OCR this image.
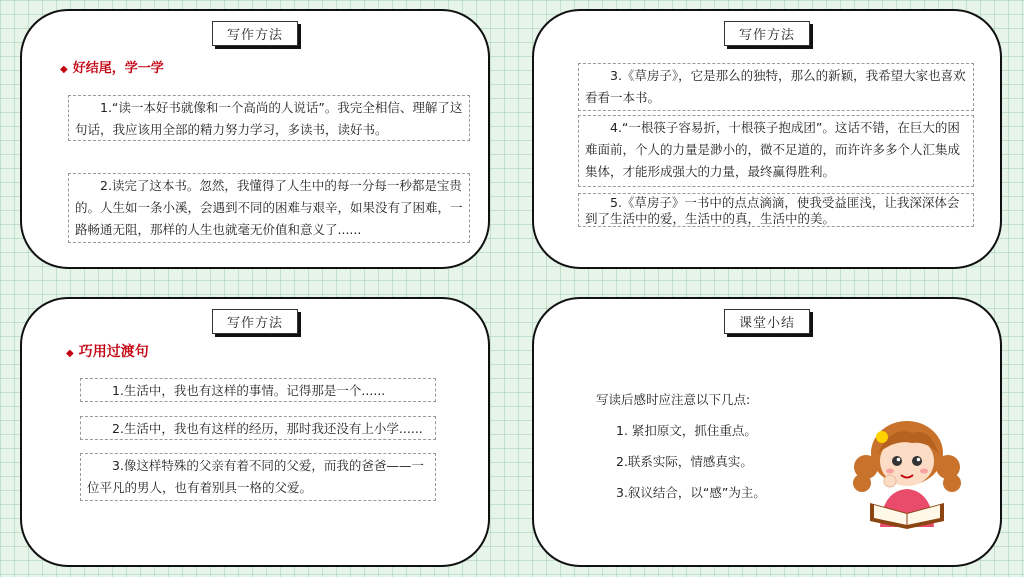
写作方法
◆ 好结尾，学一学
1.“读一本好书就像和一个高尚的人说话”。我完全相信、理解了这句话，我应该用全部的精力努力学习，多读书，读好书。
2.读完了这本书。忽然，我懂得了人生中的每一分每一秒都是宝贵的。人生如一条小溪，会遇到不同的困难与艰辛，如果没有了困难，一路畅通无阻，那样的人生也就毫无价值和意义了......
写作方法
3.《草房子》，它是那么的独特，那么的新颖，我希望大家也喜欢看看一本书。
4.“一根筷子容易折，十根筷子抱成团”。这话不错，在巨大的困难面前，个人的力量是渺小的，微不足道的，而许许多多个人汇集成集体，才能形成强大的力量，最终赢得胜利。
5.《草房子》一书中的点点滴滴，使我受益匪浅，让我深深体会到了生活中的爱，生活中的真，生活中的美。
写作方法
◆ 巧用过渡句
1.生活中，我也有这样的事情。记得那是一个......
2.生活中，我也有这样的经历，那时我还没有上小学......
3.像这样特殊的父亲有着不同的父爱，而我的爸爸——一位平凡的男人，也有着别具一格的父爱。
课堂小结
写读后感时应注意以下几点:
1. 紧扣原文，抓住重点。
2.联系实际，情感真实。
3.叙议结合，以“感”为主。
